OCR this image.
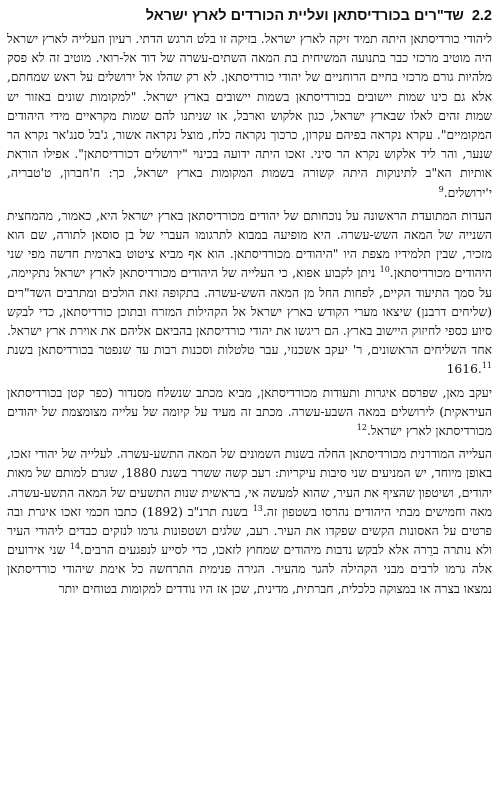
2.2
שד"רים בכורדיסתאן ועליית הכורדים לארץ ישראל

ליהודי כורדיסתאן היתה תמיד זיקה לארץ ישראל. בזיקה זו בלט הרגש הדתי. רעיון העלייה לארץ ישראל היה מוטיב מרכזי כבר בתנועה המשיחית בת המאה השתים-עשרה של דוד אל-רואי. מוטיב זה לא פסק מלהיות גורם מרכזי בחיים הרוחניים של יהודי כורדיסתאן. לא רק שהלו אל ירושלים על ראש שמחתם, אלא גם כינו שמות יישובים בכורדיסתאן בשמות יישובים בארץ ישראל. "למקומות שונים באזור יש שמות זהים לאלו שבארץ ישראל, כגון אלקוש וארבל, או שניתנו להם שמות מקראיים מידי היהודים המקומיים". עקרא נקראה בפיהם עקרון, כרכוך נקראה כלח, מוצל נקראה אשור, ג'בל סנג'אר נקרא הר שנער, והר ליד אלקוש נקרא הר סיני. זאכו היתה ידועה בכינוי "ירושלים דכורדיסתאן". אפילו הוראת אותיות הא"ב לתינוקות היתה קשורה בשמות המקומות בארץ ישראל, כך: ח'חברון, ט'טבריה, י'ירושלים.$^9$

העדות המתועדת הראשונה על נוכחותם של יהודים מכורדיסתאן בארץ ישראל היא, כאמור, מהמחצית השנייה של המאה השש-עשרה. היא מופיעה במבוא לתרגומו העברי של בן סוסאן לתורה, שם הוא מזכיר, שבין תלמידיו מצפת היו "היהודים מכורדיסתאן. הוא אף מביא ציטוט בארמית חדשה מפי שני היהודים מכורדיסתאן.$^{10}$ ניתן לקבוע אפוא, כי העלייה של היהודים מכורדיסתאן לארץ ישראל נתקיימה, על סמך התיעוד הקיים, לפחות החל מן המאה השש-עשרה. בתקופה זאת הולכים ומתרבים השד"רים (שליחים דרבנן) שיצאו מערי הקודש בארץ ישראל אל הקהילות המזרח ובתוכן כורדיסתאן, כדי לבקש סיוע כספי לחיזוק היישוב בארץ. הם ריגשו את יהודי כורדיסתאן בהביאם אליהם את אוירת ארץ ישראל. אחד השליחים הראשונים, ר' יעקב אשכנזי, עבר טלטלות וסכנות רבות עד שנפטר בכורדיסתאן בשנת 1616.11

יעקב מאן, שפרסם איגרות ותעודות מכורדיסתאן, מביא מכתב שנשלח מסנדור (כפר קטן בכורדיסתאן העיראקית) לירושלים במאה השבע-עשרה. מכתב זה מעיד על קיומה של עלייה מצומצמת של יהודים מכורדיסתאן לארץ ישראל.$^{12}$

העלייה המודרנית מכורדיסתאן החלה בשנות השמונים של המאה התשע-עשרה. לעלייה של יהודי זאכו, באופן מיוחד, יש המניעים שני סיבות עיקריות: רעב קשה ששרר בשנת 1880, שגרם למותם של מאות יהודים, ושיטפון שהציף את העיר, שהוא למעשה אי, בראשית שנות התשעים של המאה התשע-עשרה. מאה וחמישים מבתי היהודים נהרסו בשטפון זה.$^{13}$ בשנת תרנ"ב (1892) כתבו חכמי זאכו איגרת ובה פרטים על האסונות הקשים שפקדו את העיר. רעב, שלגים ושטפונות גרמו לנזקים כבדים ליהודי העיר ולא נותרה ברֵרה אלא לבקש נדבות מיהודים שמחוץ לזאכו, כדי לסייע לנפגעים הרבים.$^{14}$ שני אירועים אלה גרמו לרבים מבני הקהילה להגר מהעיר. הגירה פנימית התרחשה כל אימת שיהודי כורדיסתאן נמצאו בצרה או במצוקה כלכלית, חברתית, מדינית, שכן אז היו נודדים למקומות בטוחים יותר
